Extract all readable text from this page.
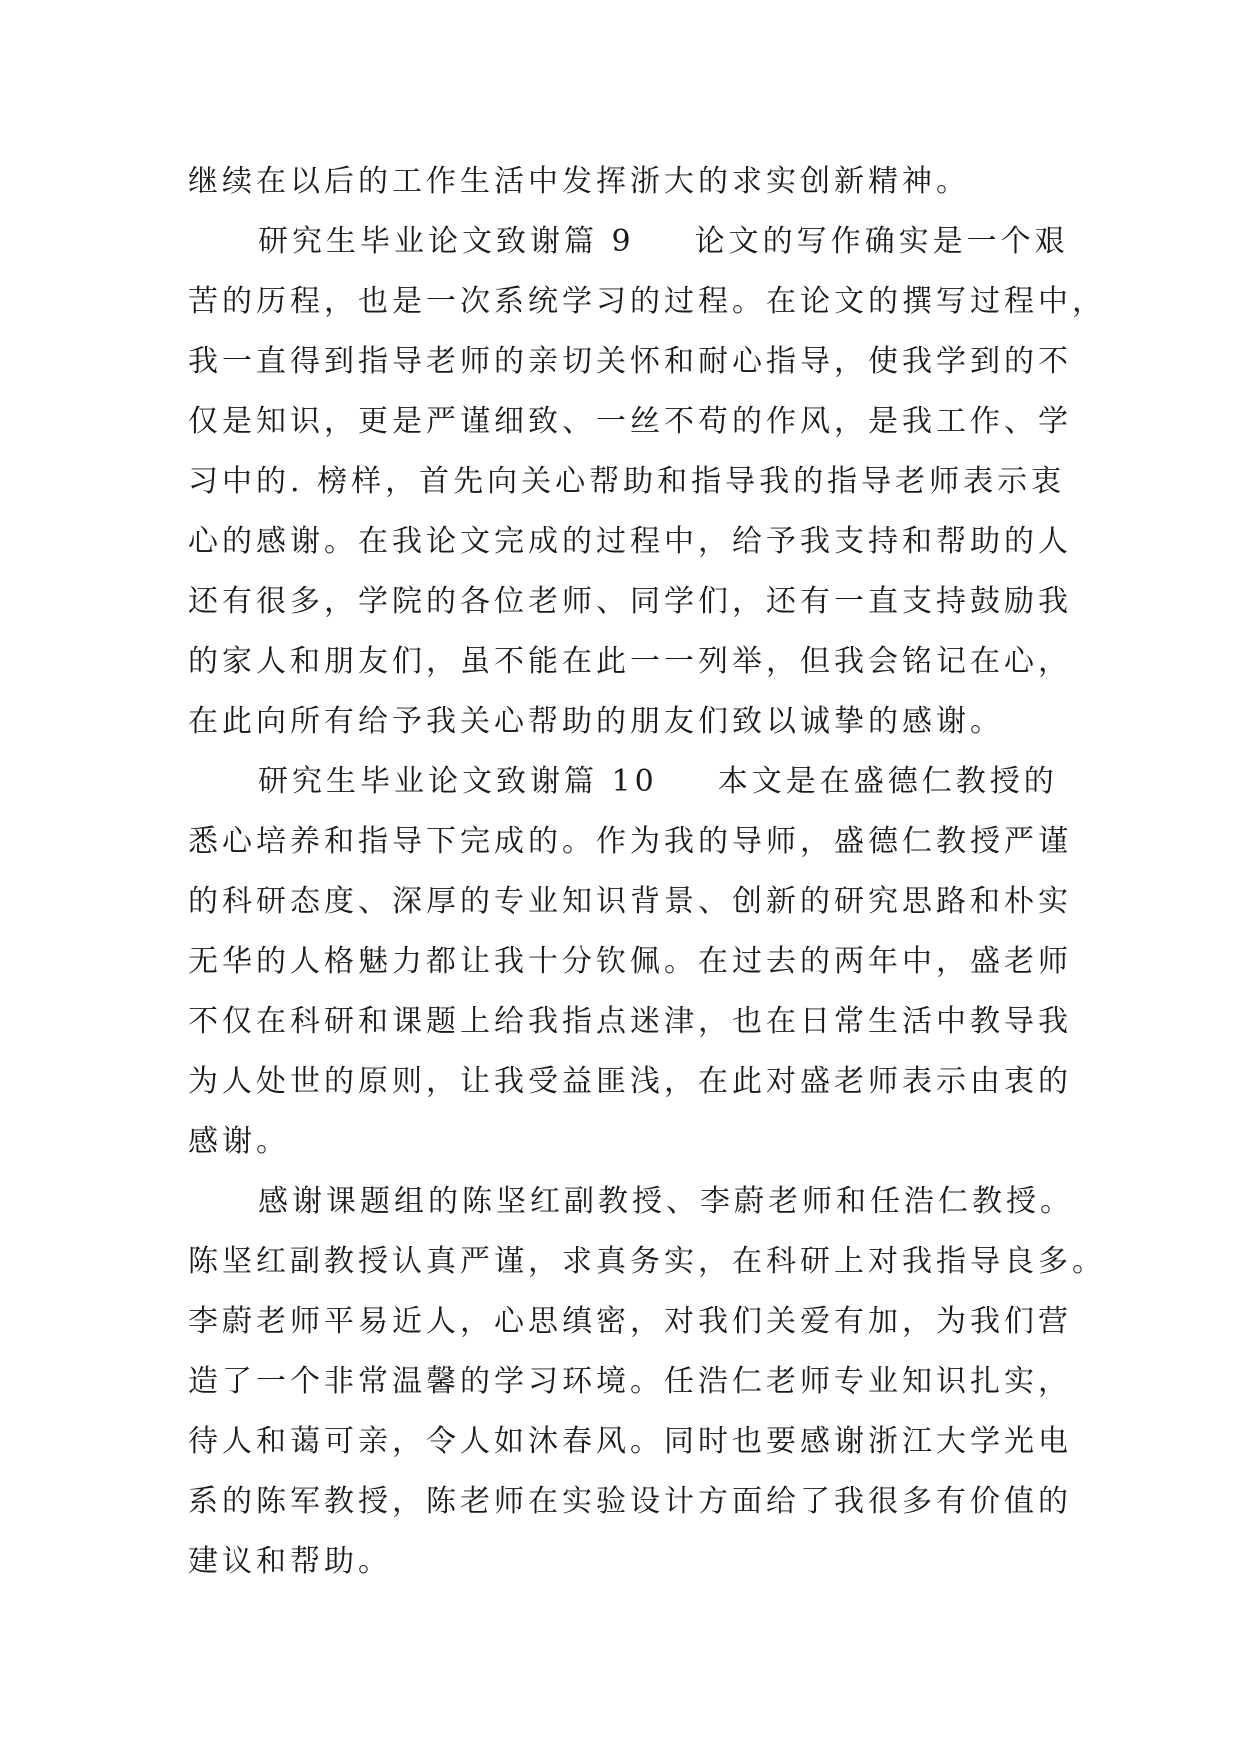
继续在以后的工作生活中发挥浙大的求实创新精神。
研究生毕业论文致谢篇 9 论文的写作确实是一个艰
苦的历程，也是一次系统学习的过程。在论文的撰写过程中，
我一直得到指导老师的亲切关怀和耐心指导，使我学到的不
仅是知识，更是严谨细致、一丝不苟的作风，是我工作、学
习中的. 榜样，首先向关心帮助和指导我的指导老师表示衷
心的感谢。在我论文完成的过程中，给予我支持和帮助的人
还有很多，学院的各位老师、同学们，还有一直支持鼓励我
的家人和朋友们，虽不能在此一一列举，但我会铭记在心，
在此向所有给予我关心帮助的朋友们致以诚挚的感谢。
研究生毕业论文致谢篇 10 本文是在盛德仁教授的
悉心培养和指导下完成的。作为我的导师，盛德仁教授严谨
的科研态度、深厚的专业知识背景、创新的研究思路和朴实
无华的人格魅力都让我十分钦佩。在过去的两年中，盛老师
不仅在科研和课题上给我指点迷津，也在日常生活中教导我
为人处世的原则，让我受益匪浅，在此对盛老师表示由衷的
感谢。
感谢课题组的陈坚红副教授、李蔚老师和任浩仁教授。
陈坚红副教授认真严谨，求真务实，在科研上对我指导良多。
李蔚老师平易近人，心思缜密，对我们关爱有加，为我们营
造了一个非常温馨的学习环境。任浩仁老师专业知识扎实，
待人和蔼可亲，令人如沐春风。同时也要感谢浙江大学光电
系的陈军教授，陈老师在实验设计方面给了我很多有价值的
建议和帮助。
